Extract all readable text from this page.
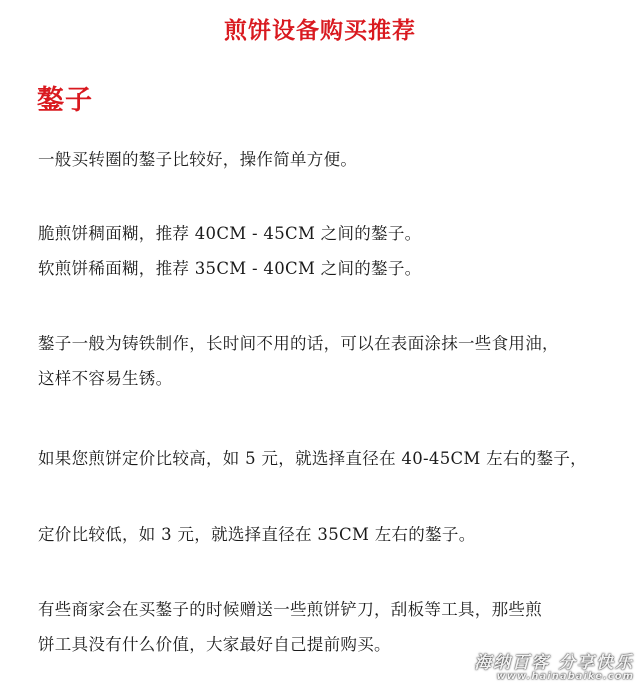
煎饼设备购买推荐
鏊子
一般买转圈的鏊子比较好，操作简单方便。
脆煎饼稠面糊，推荐 40CM - 45CM 之间的鏊子。
软煎饼稀面糊，推荐 35CM - 40CM 之间的鏊子。
鏊子一般为铸铁制作，长时间不用的话，可以在表面涂抹一些食用油，
这样不容易生锈。
如果您煎饼定价比较高，如 5 元，就选择直径在 40-45CM 左右的鏊子，
定价比较低，如 3 元，就选择直径在 35CM 左右的鏊子。
有些商家会在买鏊子的时候赠送一些煎饼铲刀，刮板等工具，那些煎
饼工具没有什么价值，大家最好自己提前购买。
海纳百客 分享快乐
www.hainabaike.com
